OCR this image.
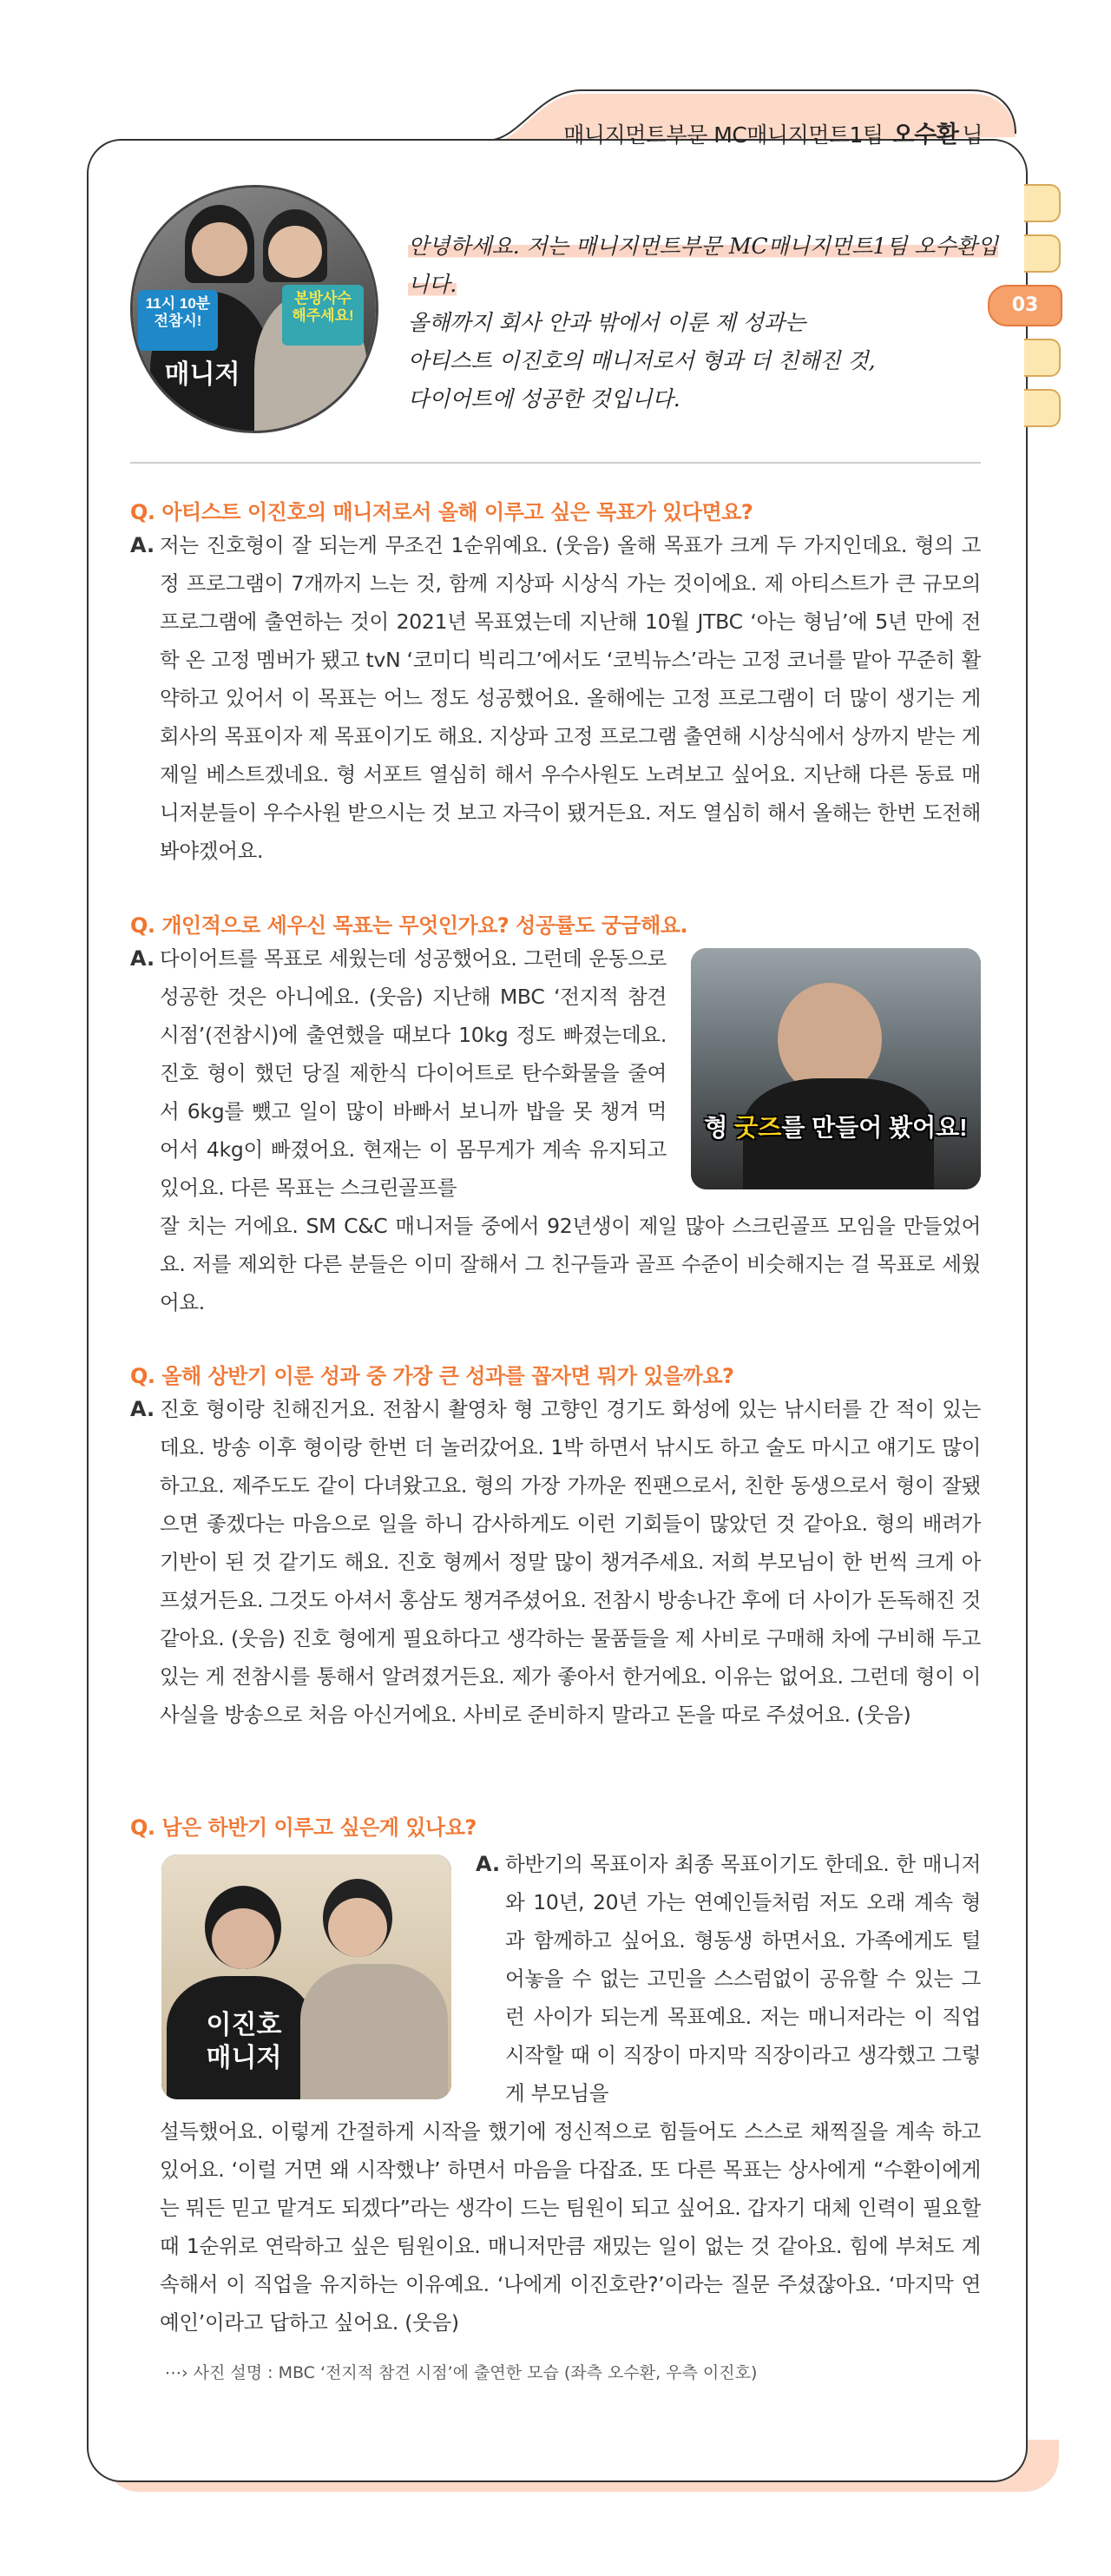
매니지먼트부문 MC매니지먼트1팀 오수환 님
03
11시 10분
전참시!
본방사수
해주세요!
매니저
안녕하세요. 저는 매니지먼트부문 MC매니지먼트1팀 오수환입니다.
올해까지 회사 안과 밖에서 이룬 제 성과는
아티스트 이진호의 매니저로서 형과 더 친해진 것,
다이어트에 성공한 것입니다.
Q. 아티스트 이진호의 매니저로서 올해 이루고 싶은 목표가 있다면요?
A. 저는 진호형이 잘 되는게 무조건 1순위예요. (웃음) 올해 목표가 크게 두 가지인데요. 형의 고정 프로그램이 7개까지 느는 것, 함께 지상파 시상식 가는 것이에요. 제 아티스트가 큰 규모의 프로그램에 출연하는 것이 2021년 목표였는데 지난해 10월 JTBC ‘아는 형님’에 5년 만에 전학 온 고정 멤버가 됐고 tvN ‘코미디 빅리그’에서도 ‘코빅뉴스’라는 고정 코너를 맡아 꾸준히 활약하고 있어서 이 목표는 어느 정도 성공했어요. 올해에는 고정 프로그램이 더 많이 생기는 게 회사의 목표이자 제 목표이기도 해요. 지상파 고정 프로그램 출연해 시상식에서 상까지 받는 게 제일 베스트겠네요. 형 서포트 열심히 해서 우수사원도 노려보고 싶어요. 지난해 다른 동료 매니저분들이 우수사원 받으시는 것 보고 자극이 됐거든요. 저도 열심히 해서 올해는 한번 도전해봐야겠어요.

Q. 개인적으로 세우신 목표는 무엇인가요? 성공률도 궁금해요.
A. 다이어트를 목표로 세웠는데 성공했어요. 그런데 운동으로 성공한 것은 아니에요. (웃음) 지난해 MBC ‘전지적 참견 시점’(전참시)에 출연했을 때보다 10kg 정도 빠졌는데요. 진호 형이 했던 당질 제한식 다이어트로 탄수화물을 줄여서 6kg를 뺐고 일이 많이 바빠서 보니까 밥을 못 챙겨 먹어서 4kg이 빠졌어요. 현재는 이 몸무게가 계속 유지되고 있어요. 다른 목표는 스크린골프를

잘 치는 거에요. SM C&C 매니저들 중에서 92년생이 제일 많아 스크린골프 모임을 만들었어요. 저를 제외한 다른 분들은 이미 잘해서 그 친구들과 골프 수준이 비슷해지는 걸 목표로 세웠어요.

형 굿즈를 만들어 봤어요!
Q. 올해 상반기 이룬 성과 중 가장 큰 성과를 꼽자면 뭐가 있을까요?
A. 진호 형이랑 친해진거요. 전참시 촬영차 형 고향인 경기도 화성에 있는 낚시터를 간 적이 있는데요. 방송 이후 형이랑 한번 더 놀러갔어요. 1박 하면서 낚시도 하고 술도 마시고 얘기도 많이 하고요. 제주도도 같이 다녀왔고요. 형의 가장 가까운 찐팬으로서, 친한 동생으로서 형이 잘됐으면 좋겠다는 마음으로 일을 하니 감사하게도 이런 기회들이 많았던 것 같아요. 형의 배려가 기반이 된 것 같기도 해요. 진호 형께서 정말 많이 챙겨주세요. 저희 부모님이 한 번씩 크게 아프셨거든요. 그것도 아셔서 홍삼도 챙겨주셨어요. 전참시 방송나간 후에 더 사이가 돈독해진 것 같아요. (웃음) 진호 형에게 필요하다고 생각하는 물품들을 제 사비로 구매해 차에 구비해 두고 있는 게 전참시를 통해서 알려졌거든요. 제가 좋아서 한거에요. 이유는 없어요. 그런데 형이 이 사실을 방송으로 처음 아신거에요. 사비로 준비하지 말라고 돈을 따로 주셨어요. (웃음)

Q. 남은 하반기 이루고 싶은게 있나요?
이진호
매니저
A. 하반기의 목표이자 최종 목표이기도 한데요. 한 매니저와 10년, 20년 가는 연예인들처럼 저도 오래 계속 형과 함께하고 싶어요. 형동생 하면서요. 가족에게도 털어놓을 수 없는 고민을 스스럼없이 공유할 수 있는 그런 사이가 되는게 목표예요. 저는 매니저라는 이 직업 시작할 때 이 직장이 마지막 직장이라고 생각했고 그렇게 부모님을

설득했어요. 이렇게 간절하게 시작을 했기에 정신적으로 힘들어도 스스로 채찍질을 계속 하고 있어요. ‘이럴 거면 왜 시작했냐’ 하면서 마음을 다잡죠. 또 다른 목표는 상사에게 “수환이에게는 뭐든 믿고 맡겨도 되겠다”라는 생각이 드는 팀원이 되고 싶어요. 갑자기 대체 인력이 필요할 때 1순위로 연락하고 싶은 팀원이요. 매니저만큼 재밌는 일이 없는 것 같아요. 힘에 부쳐도 계속해서 이 직업을 유지하는 이유예요. ‘나에게 이진호란?’이라는 질문 주셨잖아요. ‘마지막 연예인’이라고 답하고 싶어요. (웃음)

⋯› 사진 설명 : MBC ‘전지적 참견 시점’에 출연한 모습 (좌측 오수환, 우측 이진호)
